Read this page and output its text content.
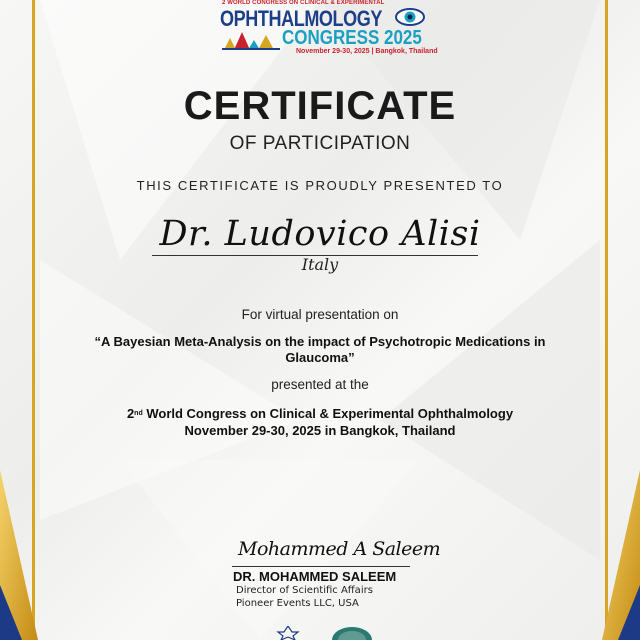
2 WORLD CONGRESS ON CLINICAL & EXPERIMENTAL
OPHTHALMOLOGY
CONGRESS 2025
November 29-30, 2025 | Bangkok, Thailand
CERTIFICATE
OF PARTICIPATION
THIS CERTIFICATE IS PROUDLY PRESENTED TO
Dr. Ludovico Alisi
Italy
For virtual presentation on
“A Bayesian Meta-Analysis on the impact of Psychotropic Medications in Glaucoma”
presented at the
2nd World Congress on Clinical & Experimental Ophthalmology
November 29-30, 2025 in Bangkok, Thailand
Mohammed A Saleem
DR. MOHAMMED SALEEM
Director of Scientific Affairs
Pioneer Events LLC, USA
